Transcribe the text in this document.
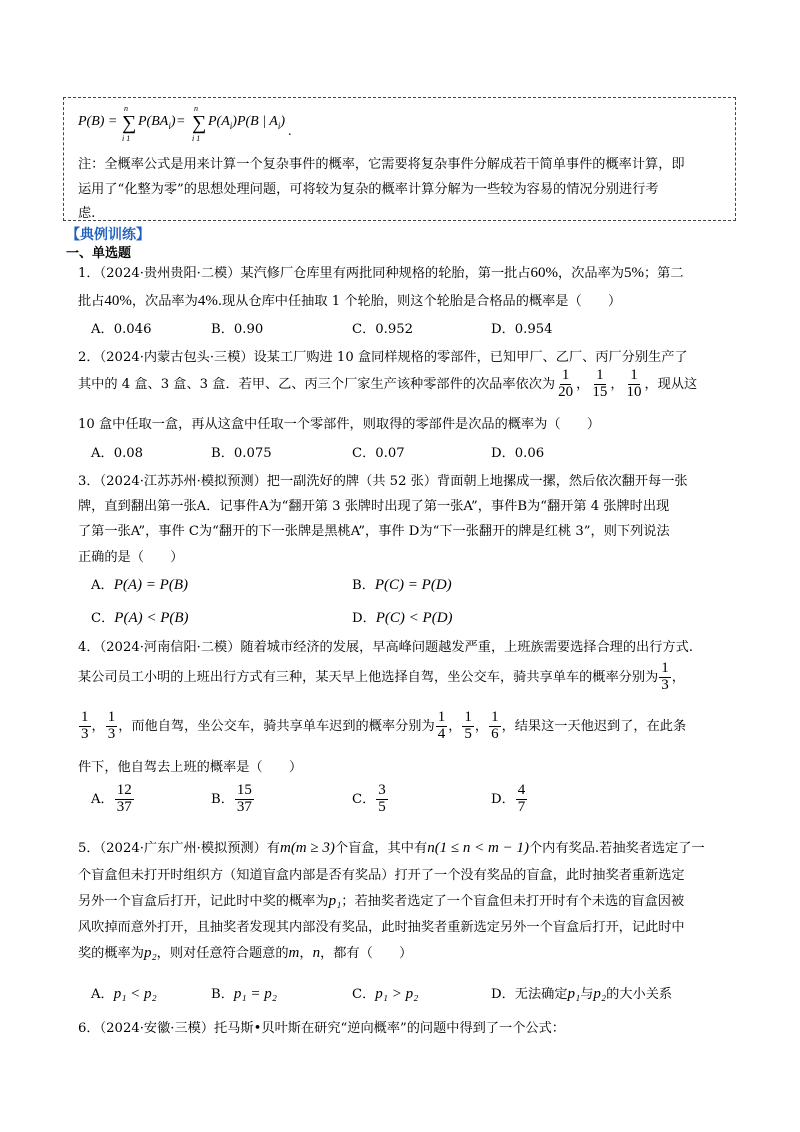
P(B) = ∑
n
i 1
$P(BA_i)$ = ∑
n
i 1
$P(A_i)P(B$ | $A_i$)
.
注：全概率公式是用来计算一个复杂事件的概率，它需要将复杂事件分解成若干简单事件的概率计算，即
运用了“化整为零”的思想处理问题，可将较为复杂的概率计算分解为一些较为容易的情况分别进行考
虑.
【典例训练】
一、单选题
1．（2024·贵州贵阳·二模）某汽修厂仓库里有两批同种规格的轮胎，第一批占60%，次品率为5%；第二
批占40%，次品率为4%.现从仓库中任抽取 1 个轮胎，则这个轮胎是合格品的概率是（　　）
A．0.046	B．0.90	C．0.952	D．0.954
2．（2024·内蒙古包头·三模）设某工厂购进 10 盒同样规格的零部件，已知甲厂、乙厂、丙厂分别生产了
其中的 4 盒、3 盒、3 盒．若甲、乙、丙三个厂家生产该种零部件的次品率依次为 $\frac{1}{20}$ ， $\frac{1}{15}$ ， $\frac{1}{10}$ ，现从这
10 盒中任取一盒，再从这盒中任取一个零部件，则取得的零部件是次品的概率为（　　）
A．0.08	B．0.075	C．0.07	D．0.06
3．（2024·江苏苏州·模拟预测）把一副洗好的牌（共 52 张）背面朝上地摞成一摞，然后依次翻开每一张
牌，直到翻出第一张A．记事件A为“翻开第 3 张牌时出现了第一张A”，事件B为“翻开第 4 张牌时出现
了第一张A”，事件 C为“翻开的下一张牌是黑桃A”，事件 D为“下一张翻开的牌是红桃 3”，则下列说法
正确的是（　　）
A．P(A) = P(B)	B．P(C) = P(D)
C．P(A) < P(B)	D．P(C) < P(D)
4．（2024·河南信阳·二模）随着城市经济的发展，早高峰问题越发严重，上班族需要选择合理的出行方式.
某公司员工小明的上班出行方式有三种，某天早上他选择自驾，坐公交车，骑共享单车的概率分别为 $\frac{1}{3}$ ，
$\frac{1}{3}$ ， $\frac{1}{3}$ ，而他自驾，坐公交车，骑共享单车迟到的概率分别为 $\frac{1}{4}$ ， $\frac{1}{5}$ ， $\frac{1}{6}$ ，结果这一天他迟到了，在此条
件下，他自驾去上班的概率是（　　）
A． $\frac{12}{37}$	B． $\frac{15}{37}$	C． $\frac{3}{5}$	D． $\frac{4}{7}$
5．（2024·广东广州·模拟预测）有m(m ≥ 3)个盲盒，其中有n(1 ≤ n < m − 1)个内有奖品.若抽奖者选定了一
个盲盒但未打开时组织方（知道盲盒内部是否有奖品）打开了一个没有奖品的盲盒，此时抽奖者重新选定
另外一个盲盒后打开，记此时中奖的概率为p₁；若抽奖者选定了一个盲盒但未打开时有个未选的盲盒因被
风吹掉而意外打开，且抽奖者发现其内部没有奖品，此时抽奖者重新选定另外一个盲盒后打开，记此时中
奖的概率为p₂，则对任意符合题意的m，n，都有（　　）
A．p₁ < p₂	B．p₁ = p₂	C．p₁ > p₂	D．无法确定p₁与p₂的大小关系
6．（2024·安徽·三模）托马斯•贝叶斯在研究“逆向概率”的问题中得到了一个公式：
